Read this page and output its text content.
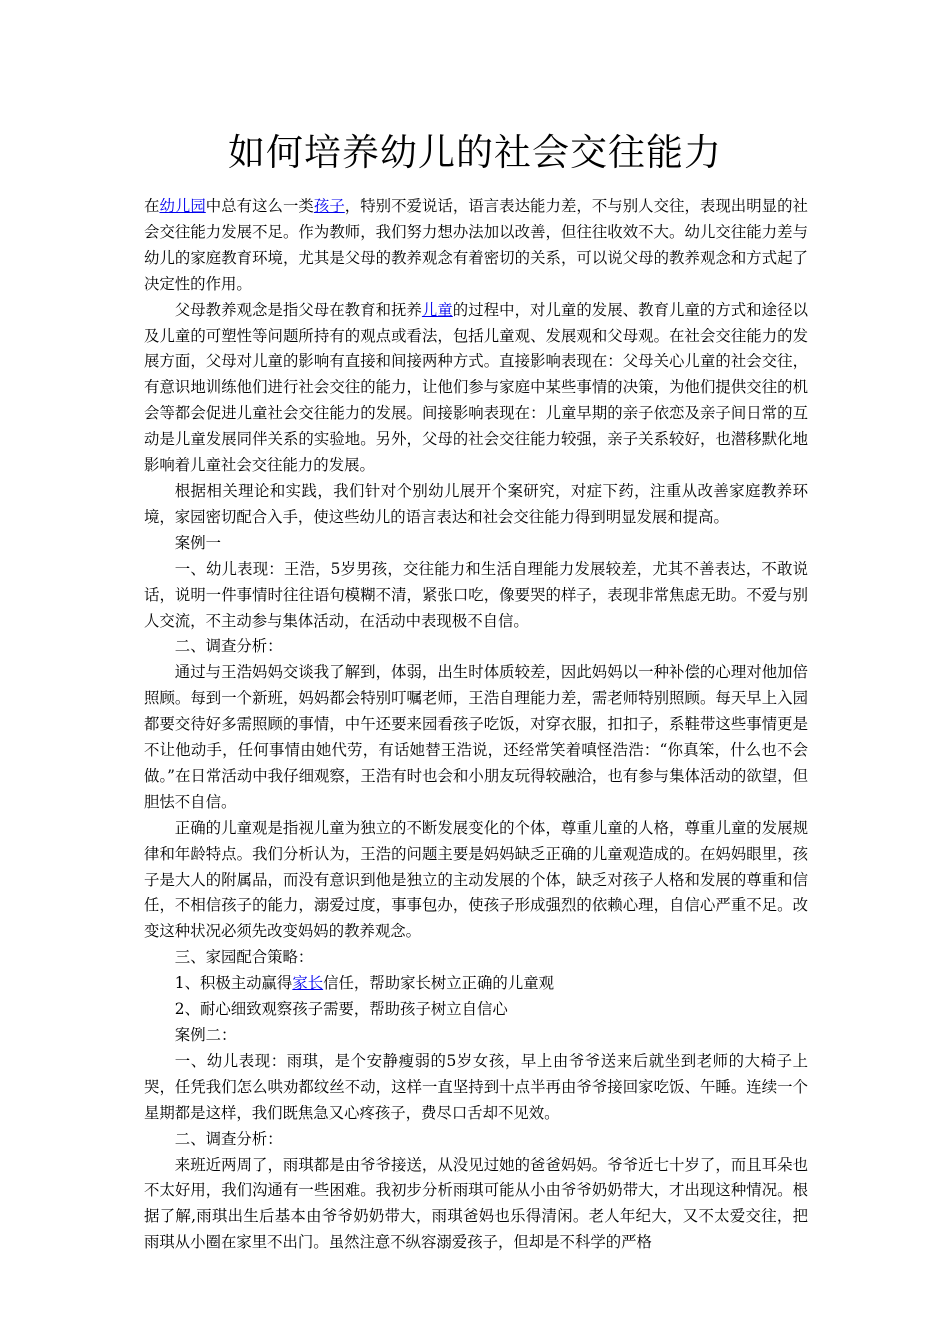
如何培养幼儿的社会交往能力

在幼儿园中总有这么一类孩子，特别不爱说话，语言表达能力差，不与别人交往，表现出明显的社会交往能力发展不足。作为教师，我们努力想办法加以改善，但往往收效不大。幼儿交往能力差与幼儿的家庭教育环境，尤其是父母的教养观念有着密切的关系，可以说父母的教养观念和方式起了决定性的作用。

父母教养观念是指父母在教育和抚养儿童的过程中，对儿童的发展、教育儿童的方式和途径以及儿童的可塑性等问题所持有的观点或看法，包括儿童观、发展观和父母观。在社会交往能力的发展方面，父母对儿童的影响有直接和间接两种方式。直接影响表现在：父母关心儿童的社会交往，有意识地训练他们进行社会交往的能力，让他们参与家庭中某些事情的决策，为他们提供交往的机会等都会促进儿童社会交往能力的发展。间接影响表现在：儿童早期的亲子依恋及亲子间日常的互动是儿童发展同伴关系的实验地。另外，父母的社会交往能力较强，亲子关系较好，也潜移默化地影响着儿童社会交往能力的发展。

根据相关理论和实践，我们针对个别幼儿展开个案研究，对症下药，注重从改善家庭教养环境，家园密切配合入手，使这些幼儿的语言表达和社会交往能力得到明显发展和提高。

案例一

一、幼儿表现：王浩，5岁男孩，交往能力和生活自理能力发展较差，尤其不善表达，不敢说话，说明一件事情时往往语句模糊不清，紧张口吃，像要哭的样子，表现非常焦虑无助。不爱与别人交流，不主动参与集体活动，在活动中表现极不自信。

二、调查分析：

通过与王浩妈妈交谈我了解到，体弱，出生时体质较差，因此妈妈以一种补偿的心理对他加倍照顾。每到一个新班，妈妈都会特别叮嘱老师，王浩自理能力差，需老师特别照顾。每天早上入园都要交待好多需照顾的事情，中午还要来园看孩子吃饭，对穿衣服，扣扣子，系鞋带这些事情更是不让他动手，任何事情由她代劳，有话她替王浩说，还经常笑着嗔怪浩浩：“你真笨，什么也不会做。”在日常活动中我仔细观察，王浩有时也会和小朋友玩得较融洽，也有参与集体活动的欲望，但胆怯不自信。

正确的儿童观是指视儿童为独立的不断发展变化的个体，尊重儿童的人格，尊重儿童的发展规律和年龄特点。我们分析认为，王浩的问题主要是妈妈缺乏正确的儿童观造成的。在妈妈眼里，孩子是大人的附属品，而没有意识到他是独立的主动发展的个体，缺乏对孩子人格和发展的尊重和信任，不相信孩子的能力，溺爱过度，事事包办，使孩子形成强烈的依赖心理，自信心严重不足。改变这种状况必须先改变妈妈的教养观念。

三、家园配合策略：

1、积极主动赢得家长信任，帮助家长树立正确的儿童观

2、耐心细致观察孩子需要，帮助孩子树立自信心

案例二：

一、幼儿表现：雨琪，是个安静瘦弱的5岁女孩，早上由爷爷送来后就坐到老师的大椅子上哭，任凭我们怎么哄劝都纹丝不动，这样一直坚持到十点半再由爷爷接回家吃饭、午睡。连续一个星期都是这样，我们既焦急又心疼孩子，费尽口舌却不见效。

二、调查分析：

来班近两周了，雨琪都是由爷爷接送，从没见过她的爸爸妈妈。爷爷近七十岁了，而且耳朵也不太好用，我们沟通有一些困难。我初步分析雨琪可能从小由爷爷奶奶带大，才出现这种情况。根据了解,雨琪出生后基本由爷爷奶奶带大，雨琪爸妈也乐得清闲。老人年纪大，又不太爱交往，把雨琪从小圈在家里不出门。虽然注意不纵容溺爱孩子，但却是不科学的严格
